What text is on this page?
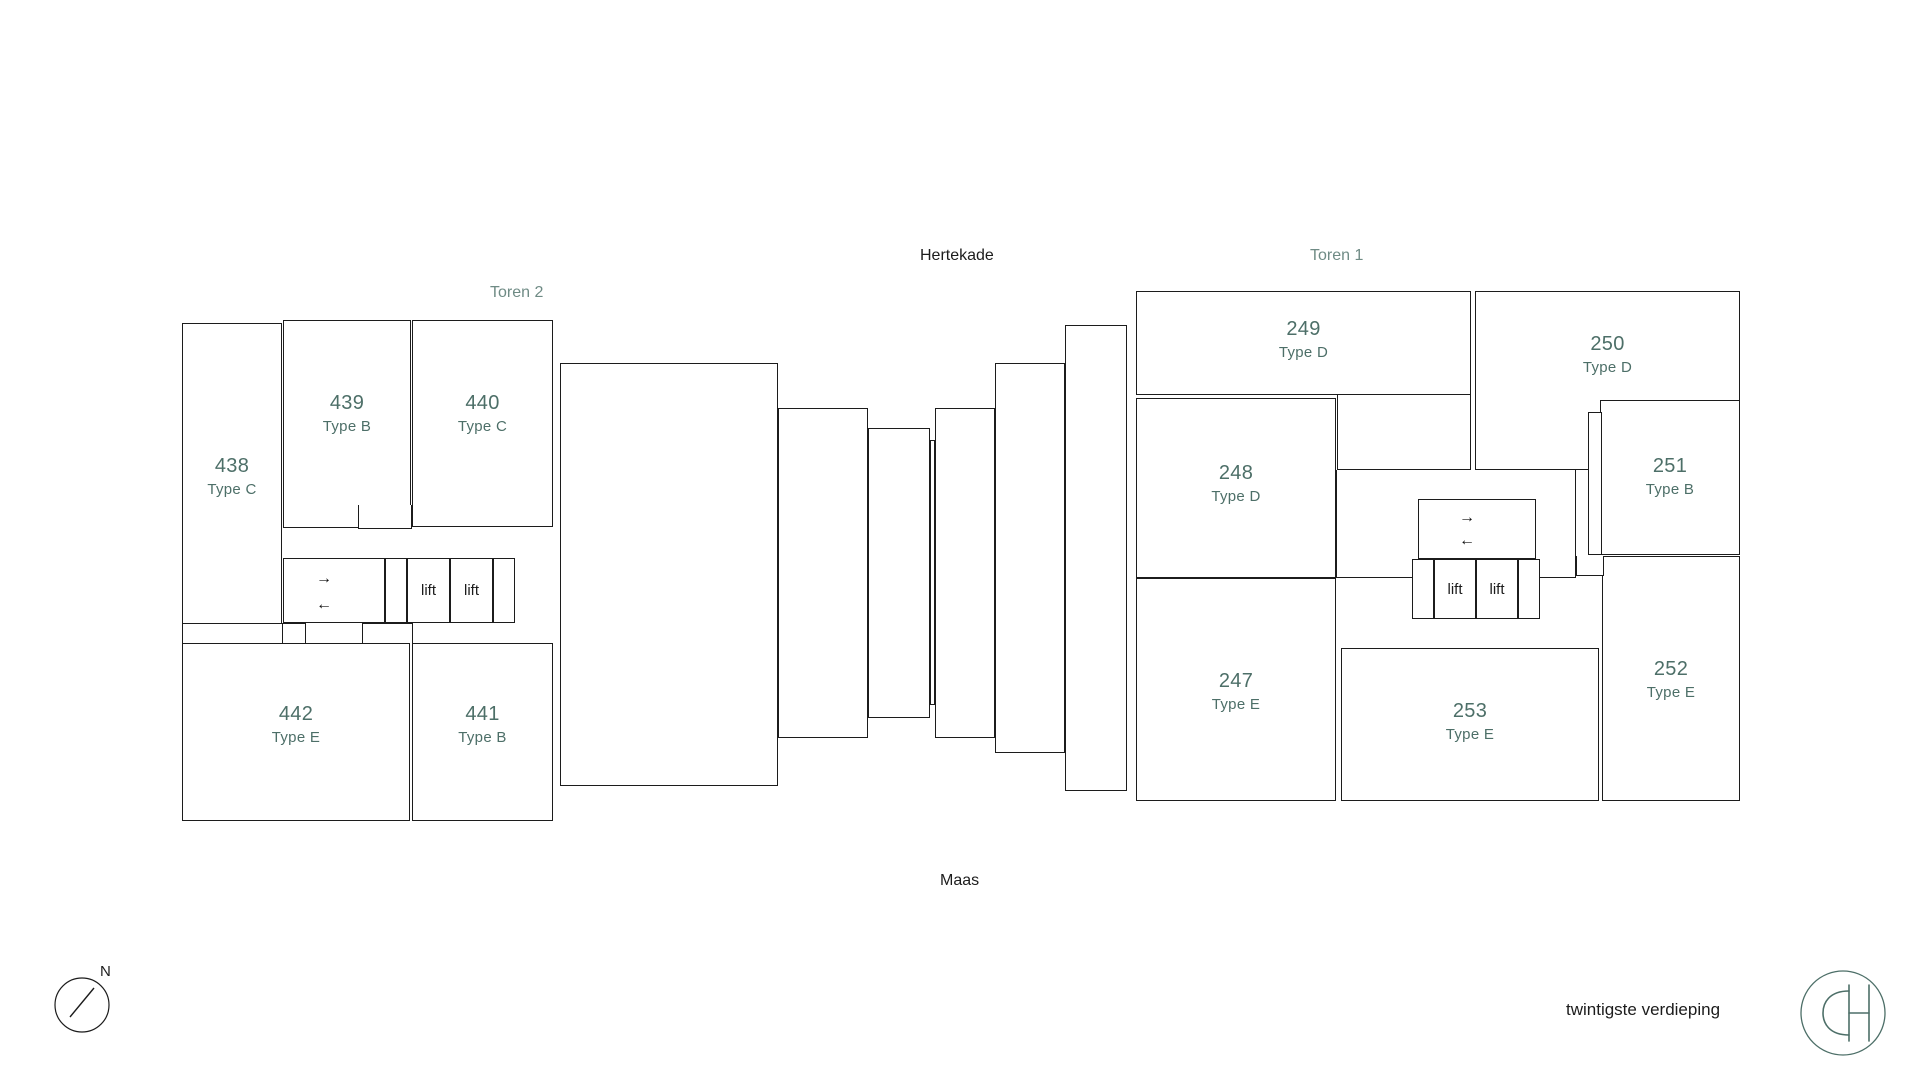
Hertekade	Toren 1
Toren 2
438
Type C
439
Type B
440
Type C
→
←
lift	lift
442
Type E
441
Type B
249
Type D	250
Type D
251
Type B
248
Type D
→
←
lift	lift
252
Type E
247
Type E	253
Type E
Maas
N
twintigste verdieping
